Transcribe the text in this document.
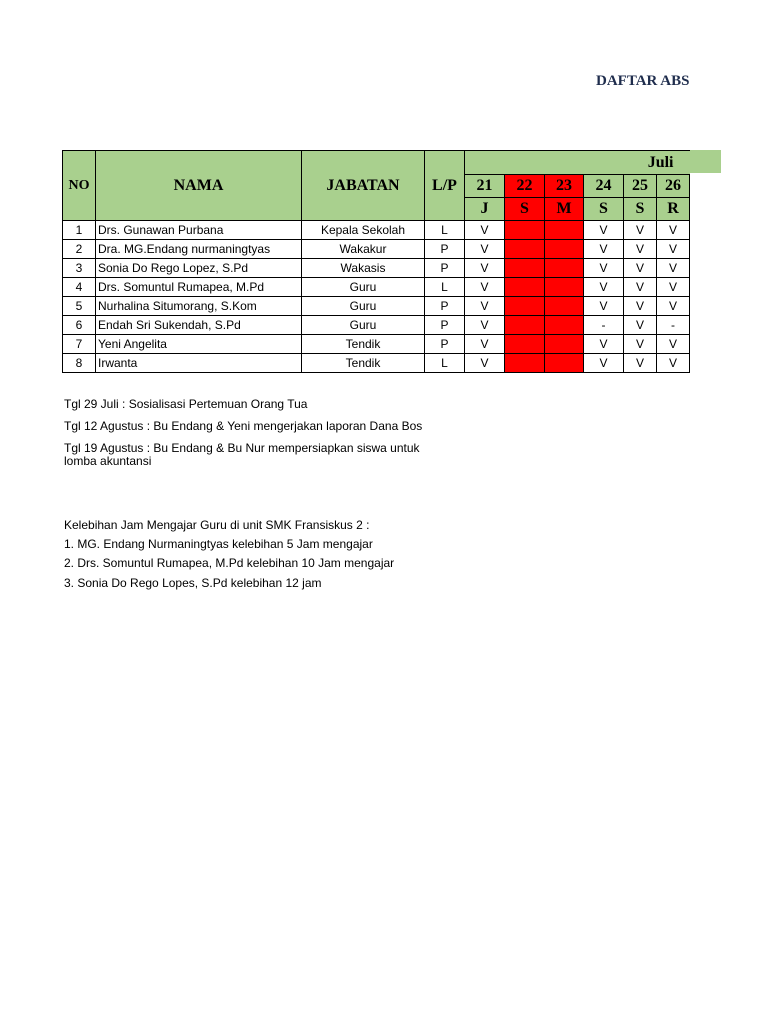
DAFTAR ABS
NO	NAMA	JABATAN	L/P	Juli					
				21	22	23	24	25	26
				J	S	M	S	S	R
1	Drs. Gunawan Purbana	Kepala Sekolah	L	V			V	V	V
2	Dra. MG.Endang nurmaningtyas	Wakakur	P	V			V	V	V
3	Sonia Do Rego Lopez, S.Pd	Wakasis	P	V			V	V	V
4	Drs. Somuntul Rumapea, M.Pd	Guru	L	V			V	V	V
5	Nurhalina Situmorang, S.Kom	Guru	P	V			V	V	V
6	Endah Sri Sukendah, S.Pd	Guru	P	V			-	V	-
7	Yeni Angelita	Tendik	P	V			V	V	V
8	Irwanta	Tendik	L	V			V	V	V
Tgl 29 Juli : Sosialisasi Pertemuan Orang Tua
Tgl 12 Agustus : Bu Endang & Yeni mengerjakan laporan Dana Bos
Tgl 19 Agustus : Bu Endang & Bu Nur mempersiapkan siswa untuk lomba akuntansi
Kelebihan Jam Mengajar Guru di unit SMK Fransiskus 2 :
1. MG. Endang Nurmaningtyas kelebihan 5 Jam mengajar
2. Drs. Somuntul Rumapea, M.Pd kelebihan 10 Jam mengajar
3. Sonia Do Rego Lopes, S.Pd kelebihan 12 jam
